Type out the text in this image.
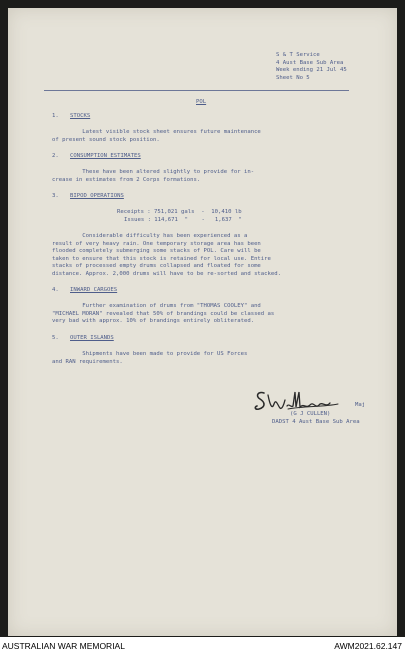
S & T Service
4 Aust Base Sub Area
Week ending 21 Jul 45
Sheet No 5
POL
1. STOCKS
Latest visible stock sheet ensures future maintenance
of present sound stock position.
2. CONSUMPTION ESTIMATES
These have been altered slightly to provide for in-
crease in estimates from 2 Corps formations.
3. BIPOD OPERATIONS
Receipts : 751,021 gals  -  10,410 lb
Issues : 114,671  "    -   1,637  "
Considerable difficulty has been experienced as a
result of very heavy rain. One temporary storage area has been
flooded completely submerging some stacks of POL. Care will be
taken to ensure that this stock is retained for local use. Entire
stacks of processed empty drums collapsed and floated for some
distance. Approx. 2,000 drums will have to be re-sorted and stacked.
4. INWARD CARGOES
Further examination of drums from "THOMAS COOLEY" and
"MICHAEL MORAN" revealed that 50% of brandings could be classed as
very bad with approx. 10% of brandings entirely obliterated.
5. OUTER ISLANDS
Shipments have been made to provide for US Forces
and RAN requirements.
Maj
(G J CULLEN)
DADST 4 Aust Base Sub Area
AUSTRALIAN WAR MEMORIAL	AWM2021.62.147
